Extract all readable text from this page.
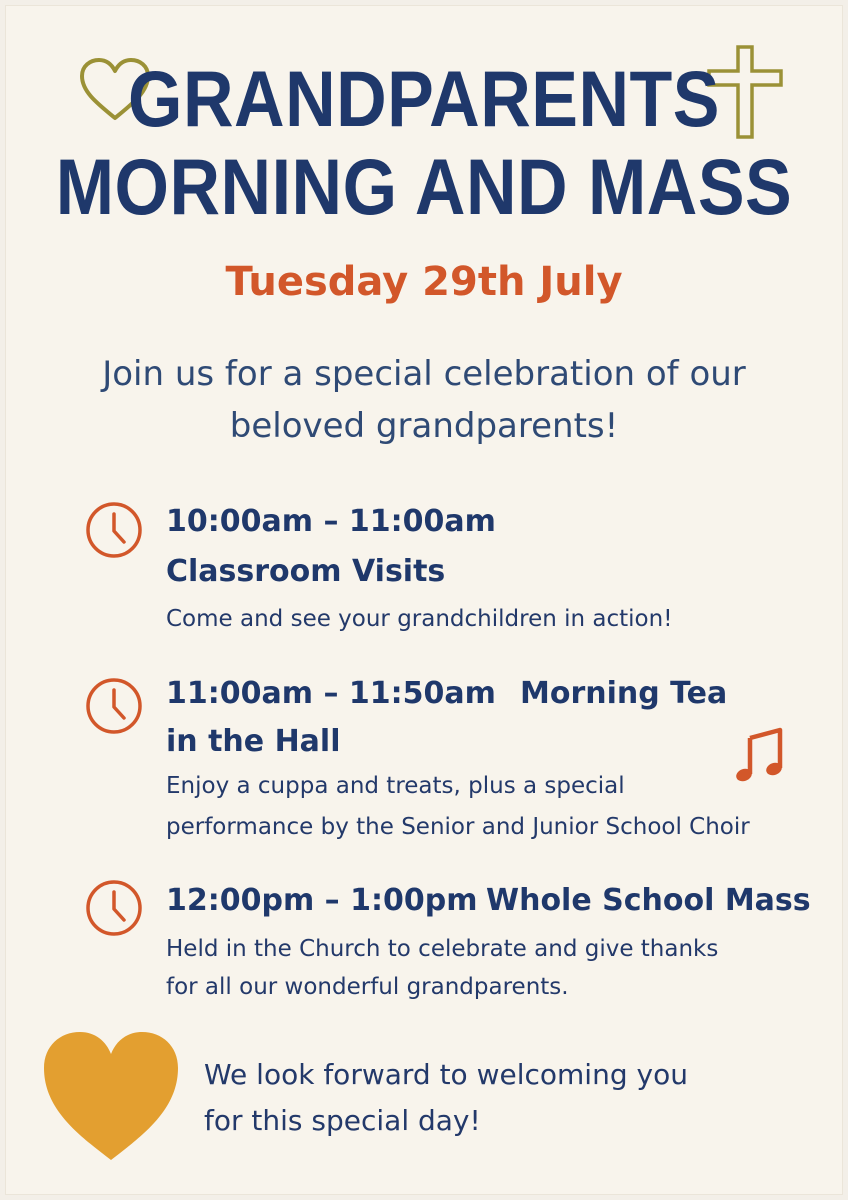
GRANDPARENTS
MORNING AND MASS
Tuesday 29th July
Join us for a special celebration of our
beloved grandparents!
10:00am – 11:00am
Classroom Visits
Come and see your grandchildren in action!
11:00am – 11:50am Morning Tea
in the Hall
Enjoy a cuppa and treats, plus a special
performance by the Senior and Junior School Choir
12:00pm – 1:00pm Whole School Mass
Held in the Church to celebrate and give thanks
for all our wonderful grandparents.
We look forward to welcoming you
for this special day!
